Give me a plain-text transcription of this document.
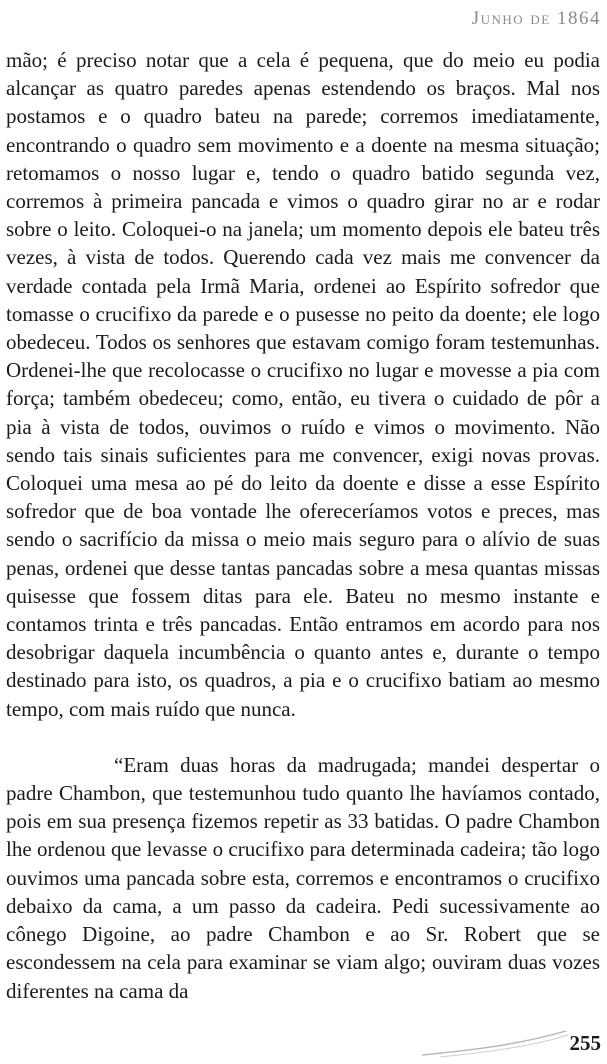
Junho de 1864

mão; é preciso notar que a cela é pequena, que do meio eu podia alcançar as quatro paredes apenas estendendo os braços. Mal nos postamos e o quadro bateu na parede; corremos imediatamente, encontrando o quadro sem movimento e a doente na mesma situação; retomamos o nosso lugar e, tendo o quadro batido segunda vez, corremos à primeira pancada e vimos o quadro girar no ar e rodar sobre o leito. Coloquei-o na janela; um momento depois ele bateu três vezes, à vista de todos. Querendo cada vez mais me convencer da verdade contada pela Irmã Maria, ordenei ao Espírito sofredor que tomasse o crucifixo da parede e o pusesse no peito da doente; ele logo obedeceu. Todos os senhores que estavam comigo foram testemunhas. Ordenei-lhe que recolocasse o crucifixo no lugar e movesse a pia com força; também obedeceu; como, então, eu tivera o cuidado de pôr a pia à vista de todos, ouvimos o ruído e vimos o movimento. Não sendo tais sinais suficientes para me convencer, exigi novas provas. Coloquei uma mesa ao pé do leito da doente e disse a esse Espírito sofredor que de boa vontade lhe ofereceríamos votos e preces, mas sendo o sacrifício da missa o meio mais seguro para o alívio de suas penas, ordenei que desse tantas pancadas sobre a mesa quantas missas quisesse que fossem ditas para ele. Bateu no mesmo instante e contamos trinta e três pancadas. Então entramos em acordo para nos desobrigar daquela incumbência o quanto antes e, durante o tempo destinado para isto, os quadros, a pia e o crucifixo batiam ao mesmo tempo, com mais ruído que nunca.

“Eram duas horas da madrugada; mandei despertar o padre Chambon, que testemunhou tudo quanto lhe havíamos contado, pois em sua presença fizemos repetir as 33 batidas. O padre Chambon lhe ordenou que levasse o crucifixo para determinada cadeira; tão logo ouvimos uma pancada sobre esta, corremos e encontramos o crucifixo debaixo da cama, a um passo da cadeira. Pedi sucessivamente ao cônego Digoine, ao padre Chambon e ao Sr. Robert que se escondessem na cela para examinar se viam algo; ouviram duas vozes diferentes na cama da

255
